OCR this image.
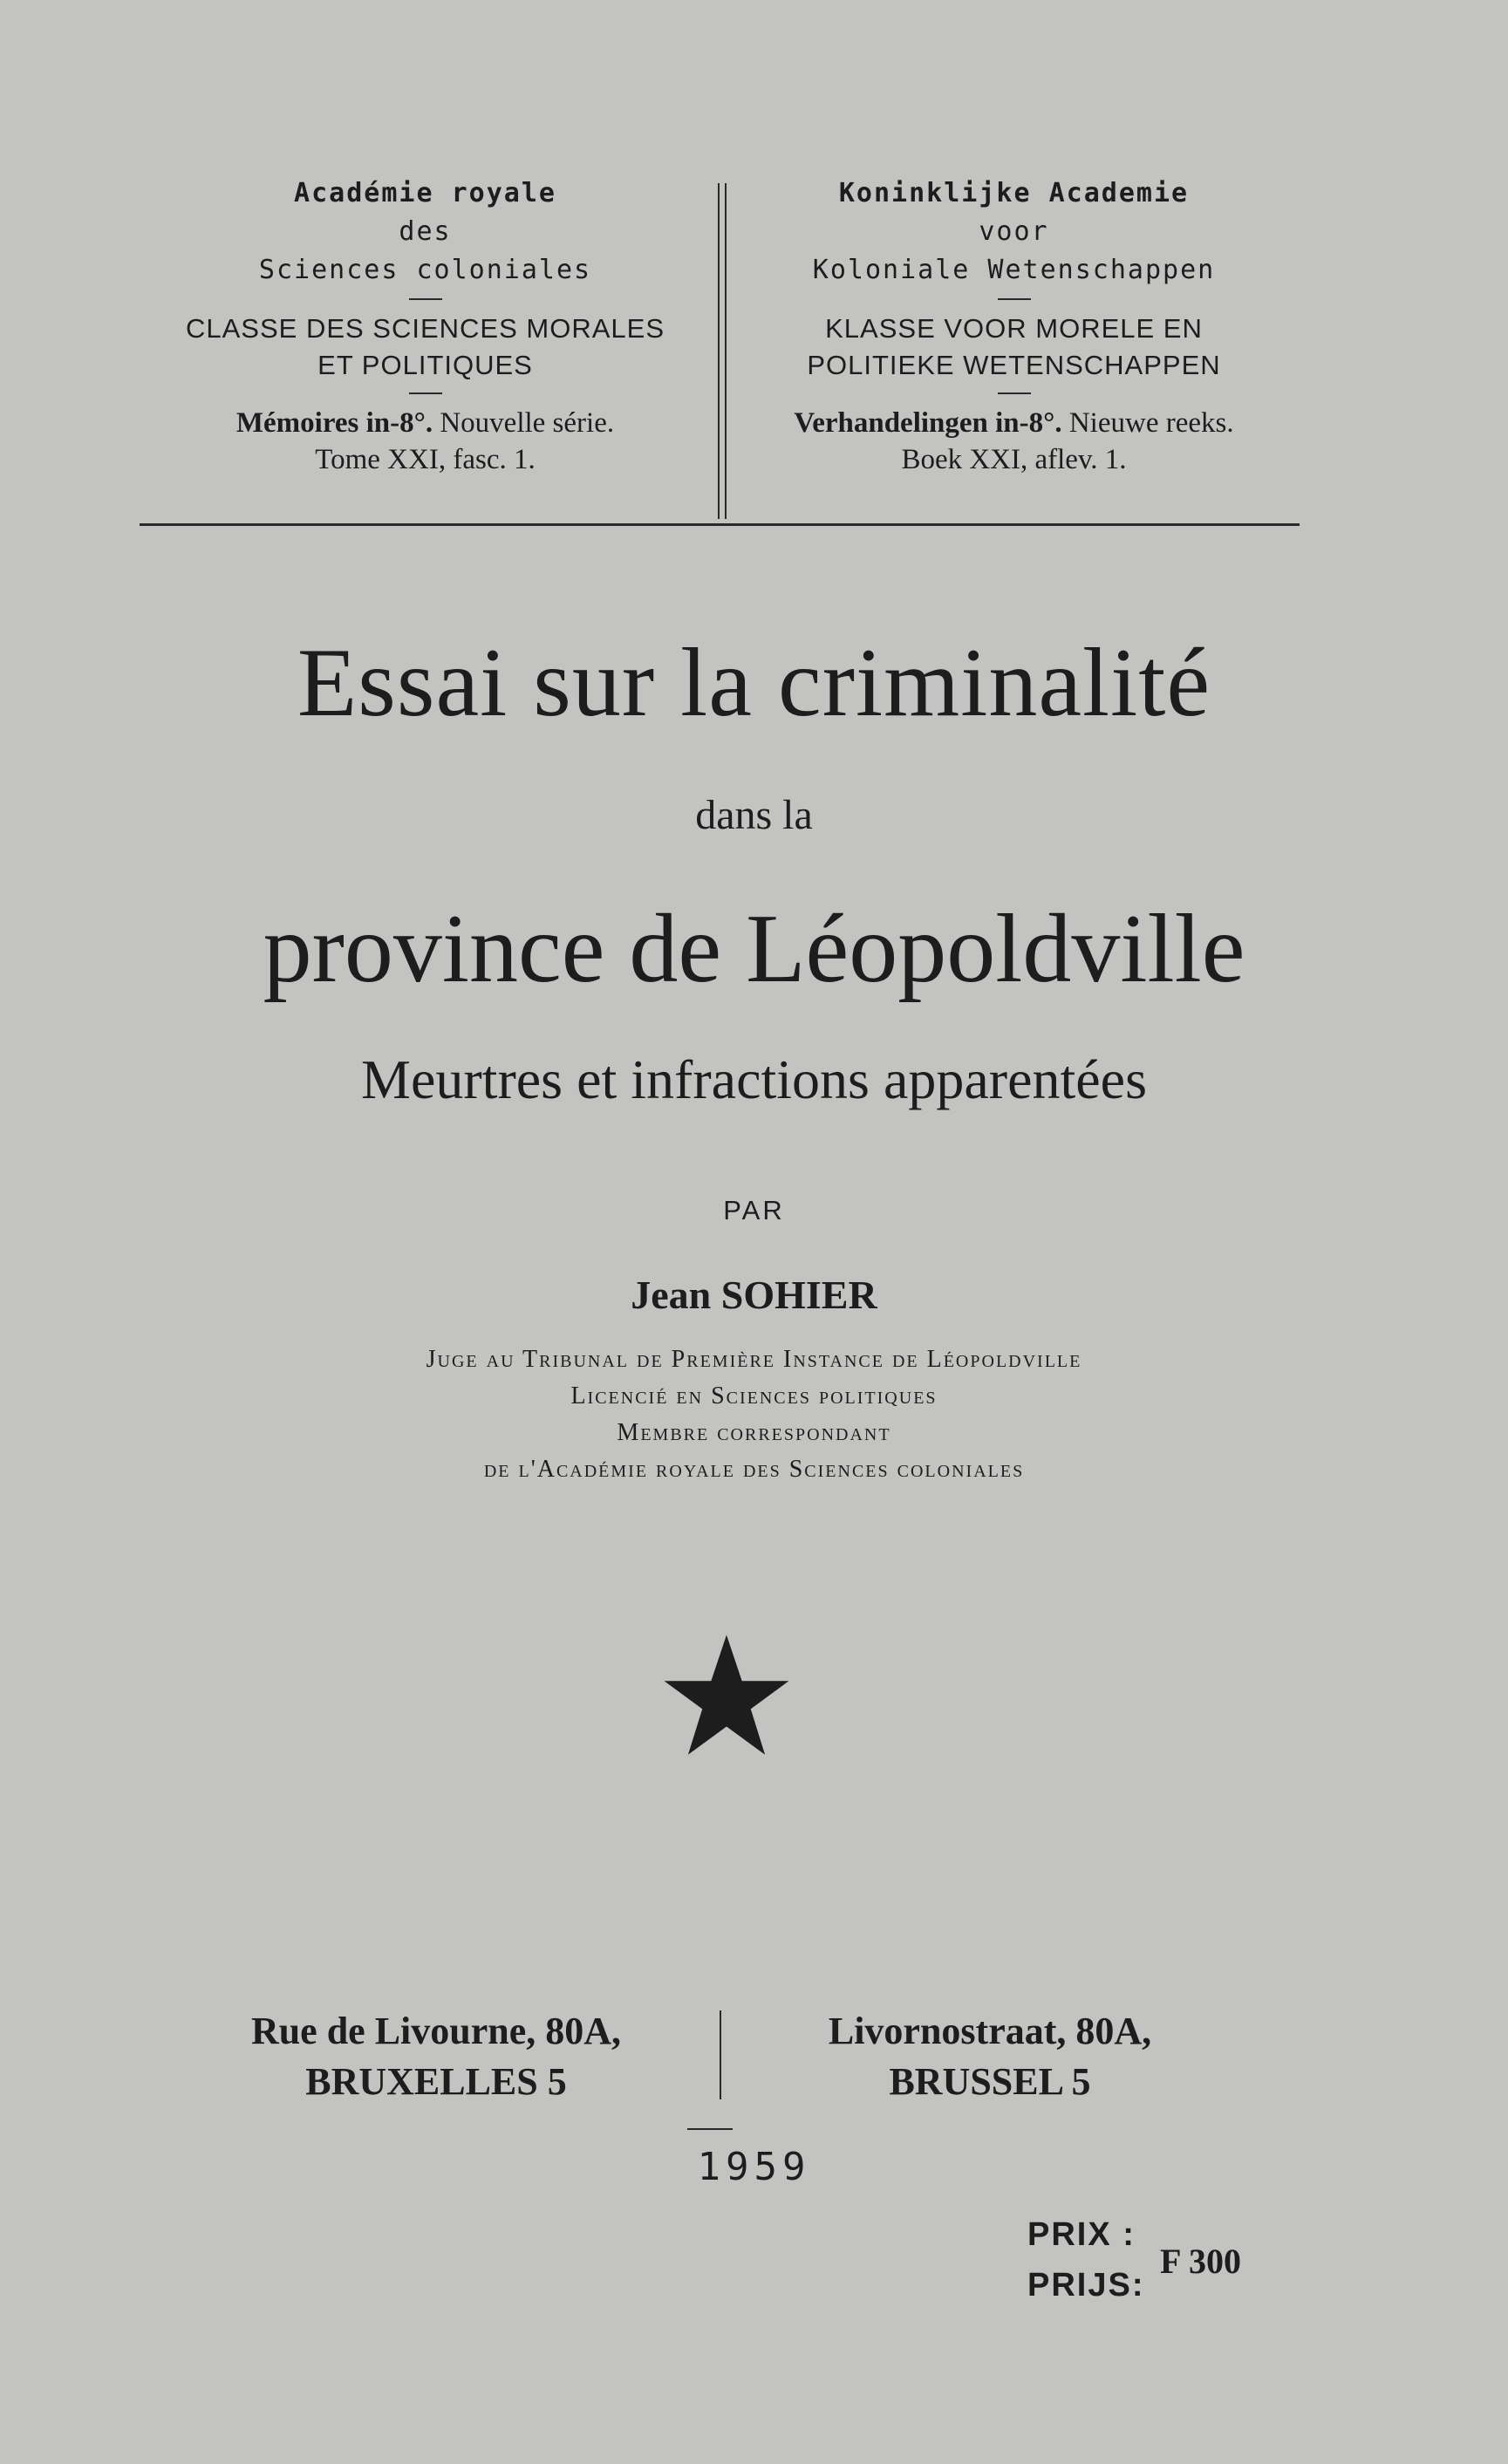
Académie royale
des
Sciences coloniales
CLASSE DES SCIENCES MORALES
ET POLITIQUES
Mémoires in-8°. Nouvelle série.
Tome XXI, fasc. 1.
Koninklijke Academie
voor
Koloniale Wetenschappen
KLASSE VOOR MORELE EN
POLITIEKE WETENSCHAPPEN
Verhandelingen in-8°. Nieuwe reeks.
Boek XXI, aflev. 1.
Essai sur la criminalité
dans la
province de Léopoldville
Meurtres et infractions apparentées
PAR
Jean SOHIER
Juge au Tribunal de Première Instance de Léopoldville
Licencié en Sciences politiques
Membre correspondant
de l'Académie royale des Sciences coloniales
Rue de Livourne, 80A,
BRUXELLES 5
Livornostraat, 80A,
BRUSSEL 5
1959
PRIX :
PRIJS:
F 300
